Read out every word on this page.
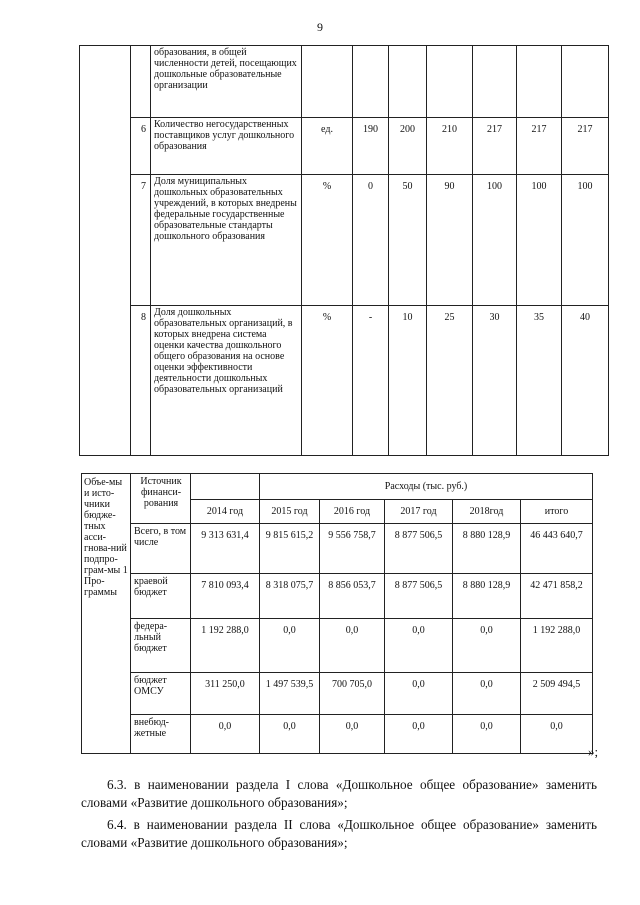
9
		образования, в общей численности детей, посещающих дошкольные образовательные организации							
	6	Количество негосударственных поставщиков услуг дошкольного образования	ед.	190	200	210	217	217	217
	7	Доля муниципальных дошкольных образовательных учреждений, в которых внедрены федеральные государственные образовательные стандарты дошкольного образования	%	0	50	90	100	100	100
	8	Доля дошкольных образовательных организаций, в которых внедрена система оценки качества дошкольного общего образования на основе оценки эффективности деятельности дошкольных образовательных организаций	%	-	10	25	30	35	40
Объе-мы и исто-чники бюдже-тных асси-гнова-ний подпро-грам-мы 1 Про-граммы	Источник финанси-рования		Расходы (тыс. руб.)				
		2014 год	2015 год	2016 год	2017 год	2018год	итого
	Всего, в том числе	9 313 631,4	9 815 615,2	9 556 758,7	8 877 506,5	8 880 128,9	46 443 640,7
	краевой бюджет	7 810 093,4	8 318 075,7	8 856 053,7	8 877 506,5	8 880 128,9	42 471 858,2
	федера-льный бюджет	1 192 288,0	0,0	0,0	0,0	0,0	1 192 288,0
	бюджет ОМСУ	311 250,0	1 497 539,5	700 705,0	0,0	0,0	2 509 494,5
	внебюд-жетные	0,0	0,0	0,0	0,0	0,0	0,0
»;

6.3. в наименовании раздела I слова «Дошкольное общее образование» заменить словами «Развитие дошкольного образования»;

6.4. в наименовании раздела II слова «Дошкольное общее образование» заменить словами «Развитие дошкольного образования»;
